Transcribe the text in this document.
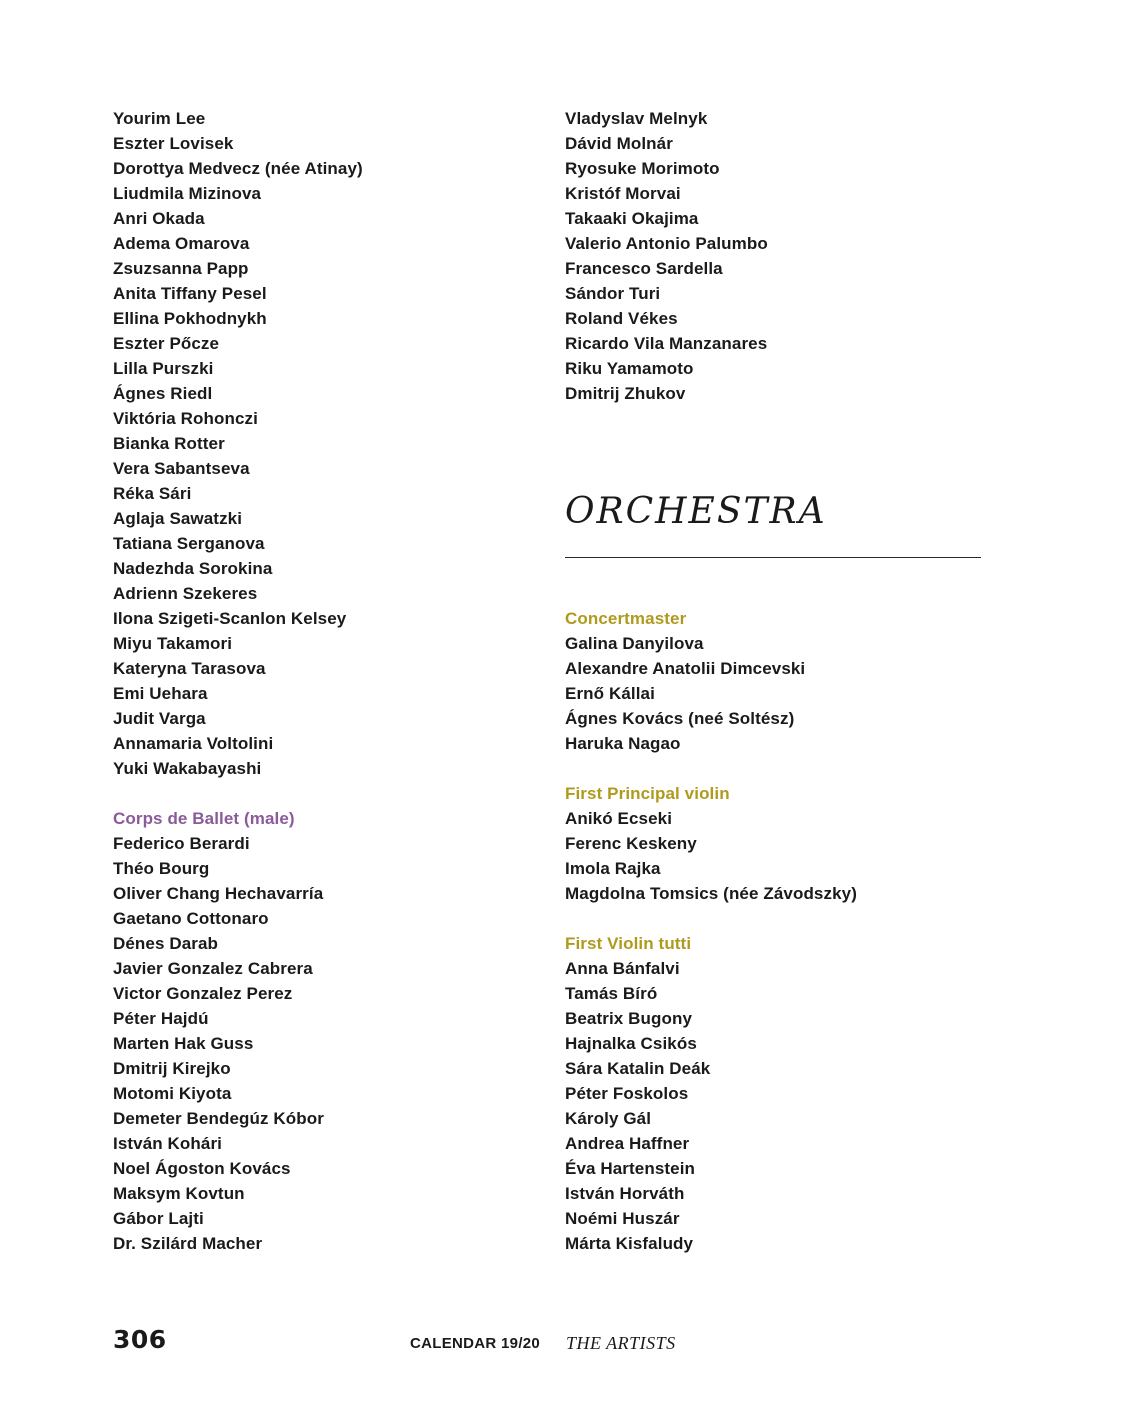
Yourim Lee
Eszter Lovisek
Dorottya Medvecz (née Atinay)
Liudmila Mizinova
Anri Okada
Adema Omarova
Zsuzsanna Papp
Anita Tiffany Pesel
Ellina Pokhodnykh
Eszter Pőcze
Lilla Purszki
Ágnes Riedl
Viktória Rohonczi
Bianka Rotter
Vera Sabantseva
Réka Sári
Aglaja Sawatzki
Tatiana Serganova
Nadezhda Sorokina
Adrienn Szekeres
Ilona Szigeti-Scanlon Kelsey
Miyu Takamori
Kateryna Tarasova
Emi Uehara
Judit Varga
Annamaria Voltolini
Yuki Wakabayashi
Corps de Ballet (male)
Federico Berardi
Théo Bourg
Oliver Chang Hechavarría
Gaetano Cottonaro
Dénes Darab
Javier Gonzalez Cabrera
Victor Gonzalez Perez
Péter Hajdú
Marten Hak Guss
Dmitrij Kirejko
Motomi Kiyota
Demeter Bendegúz Kóbor
István Kohári
Noel Ágoston Kovács
Maksym Kovtun
Gábor Lajti
Dr. Szilárd Macher
Vladyslav Melnyk
Dávid Molnár
Ryosuke Morimoto
Kristóf Morvai
Takaaki Okajima
Valerio Antonio Palumbo
Francesco Sardella
Sándor Turi
Roland Vékes
Ricardo Vila Manzanares
Riku Yamamoto
Dmitrij Zhukov
ORCHESTRA
Concertmaster
Galina Danyilova
Alexandre Anatolii Dimcevski
Ernő Kállai
Ágnes Kovács (neé Soltész)
Haruka Nagao
First Principal violin
Anikó Ecseki
Ferenc Keskeny
Imola Rajka
Magdolna Tomsics (née Závodszky)
First Violin tutti
Anna Bánfalvi
Tamás Bíró
Beatrix Bugony
Hajnalka Csikós
Sára Katalin Deák
Péter Foskolos
Károly Gál
Andrea Haffner
Éva Hartenstein
István Horváth
Noémi Huszár
Márta Kisfaludy
306	CALENDAR 19/20 THE ARTISTS
